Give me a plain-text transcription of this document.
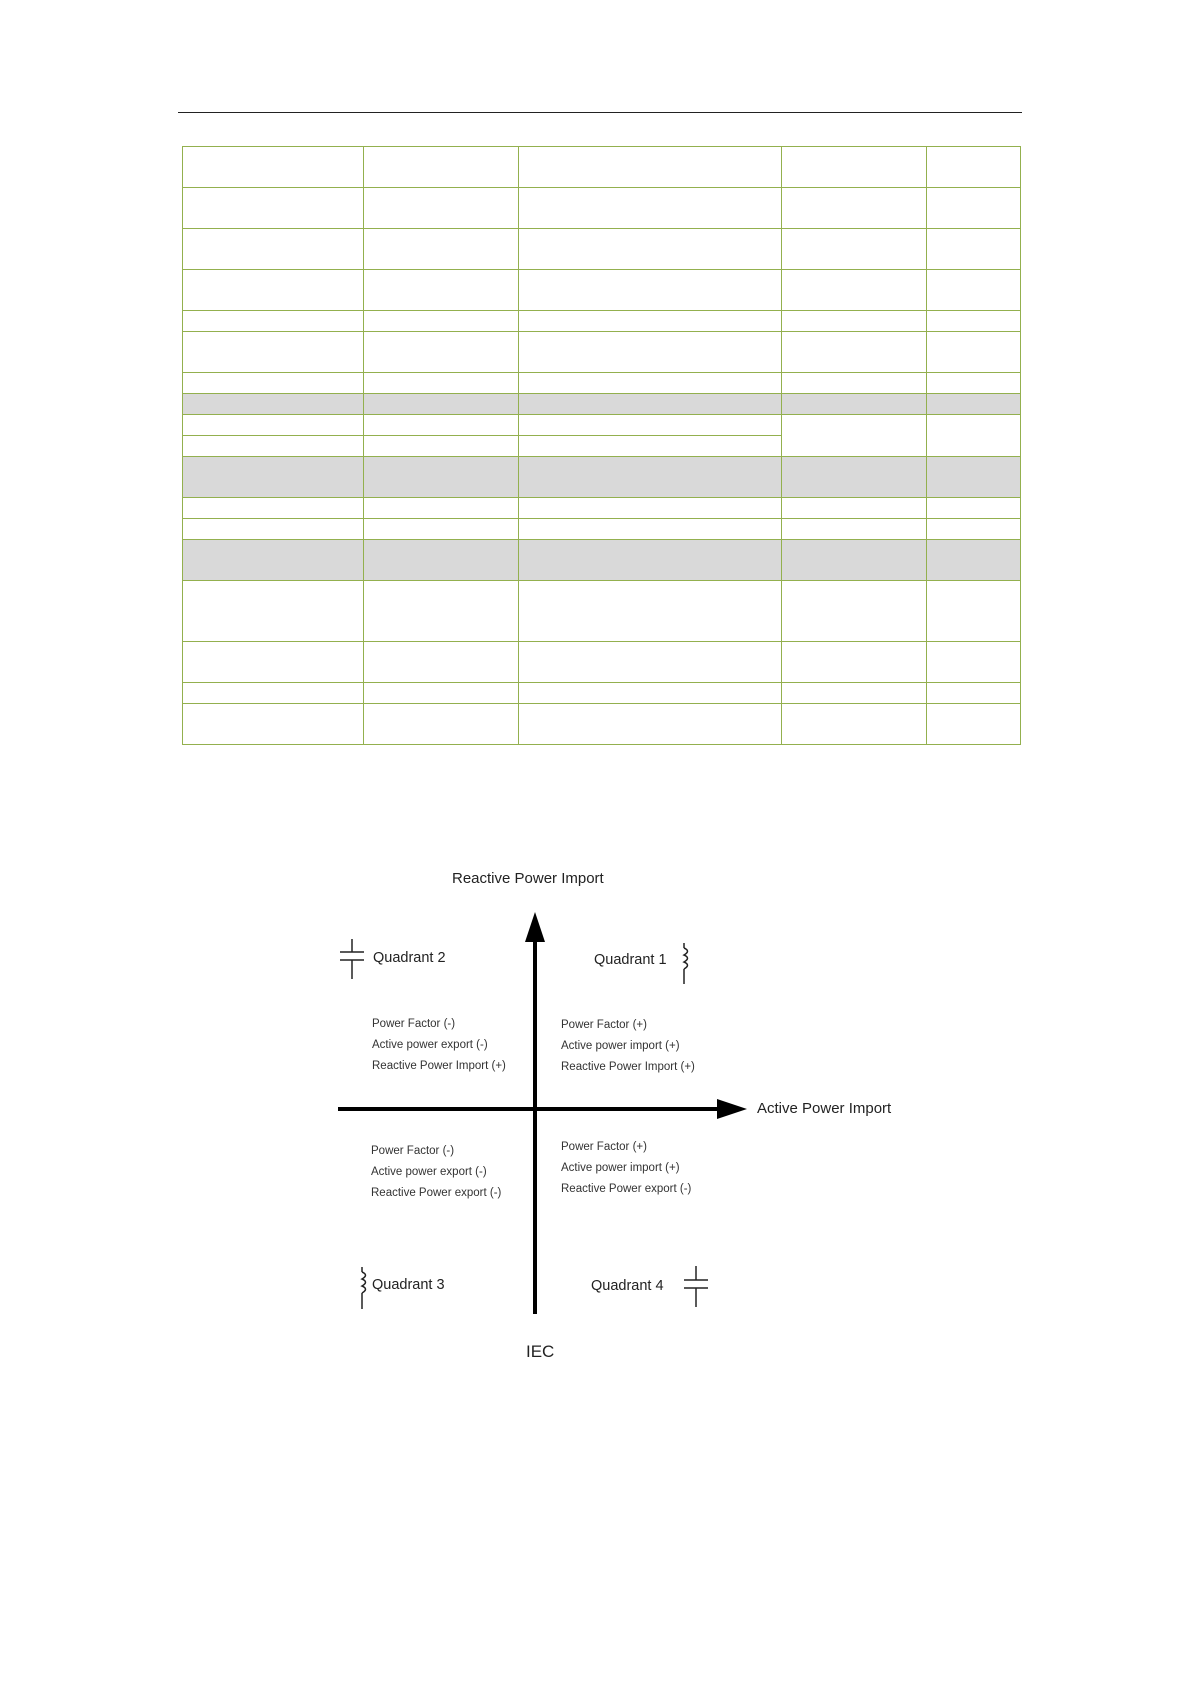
Reactive Power Import
Active Power Import
IEC
Quadrant 2	Quadrant 1
Quadrant 3	Quadrant 4
Power Factor (-)
Active power export (-)
Reactive Power Import (+)
Power Factor (+)
Active power import (+)
Reactive Power Import (+)
Power Factor (-)
Active power export (-)
Reactive Power export (-)
Power Factor (+)
Active power import (+)
Reactive Power export (-)
